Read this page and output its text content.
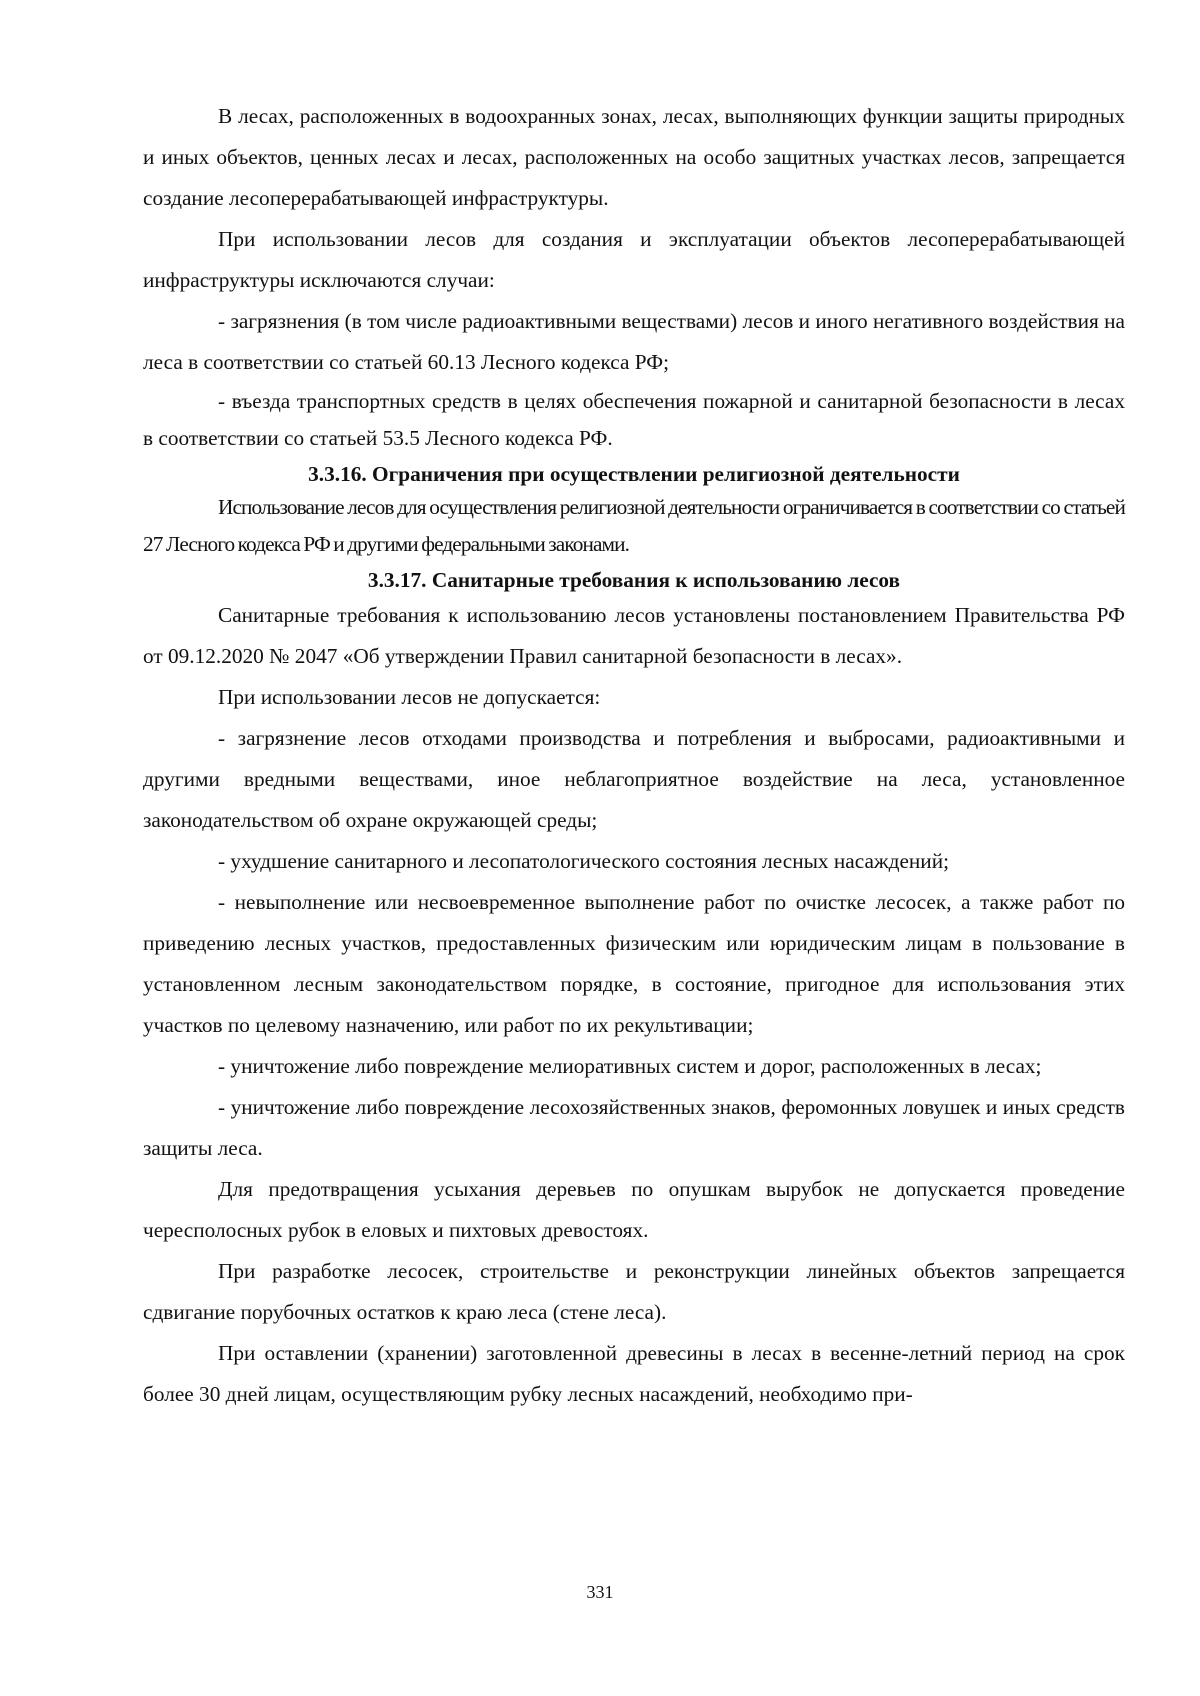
В лесах, расположенных в водоохранных зонах, лесах, выполняющих функции защиты природных и иных объектов, ценных лесах и лесах, расположенных на особо защитных участках лесов, запрещается создание лесоперерабатывающей инфраструктуры.

При использовании лесов для создания и эксплуатации объектов лесоперерабатывающей инфраструктуры исключаются случаи:

- загрязнения (в том числе радиоактивными веществами) лесов и иного негативного воздействия на леса в соответствии со статьей 60.13 Лесного кодекса РФ;

- въезда транспортных средств в целях обеспечения пожарной и санитарной безопасности в лесах в соответствии со статьей 53.5 Лесного кодекса РФ.

3.3.16. Ограничения при осуществлении религиозной деятельности

Использование лесов для осуществления религиозной деятельности ограничивается в соответствии со статьей 27 Лесного кодекса РФ и другими федеральными законами.

3.3.17. Санитарные требования к использованию лесов

Санитарные требования к использованию лесов установлены постановлением Правительства РФ от 09.12.2020 № 2047 «Об утверждении Правил санитарной безопасности в лесах».

При использовании лесов не допускается:

- загрязнение лесов отходами производства и потребления и выбросами, радиоактивными и другими вредными веществами, иное неблагоприятное воздействие на леса, установленное законодательством об охране окружающей среды;

- ухудшение санитарного и лесопатологического состояния лесных насаждений;

- невыполнение или несвоевременное выполнение работ по очистке лесосек, а также работ по приведению лесных участков, предоставленных физическим или юридическим лицам в пользование в установленном лесным законодательством порядке, в состояние, пригодное для использования этих участков по целевому назначению, или работ по их рекультивации;

- уничтожение либо повреждение мелиоративных систем и дорог, расположенных в лесах;

- уничтожение либо повреждение лесохозяйственных знаков, феромонных ловушек и иных средств защиты леса.

Для предотвращения усыхания деревьев по опушкам вырубок не допускается проведение чересполосных рубок в еловых и пихтовых древостоях.

При разработке лесосек, строительстве и реконструкции линейных объектов запрещается сдвигание порубочных остатков к краю леса (стене леса).

При оставлении (хранении) заготовленной древесины в лесах в весенне-летний период на срок более 30 дней лицам, осуществляющим рубку лесных насаждений, необходимо при-

331
